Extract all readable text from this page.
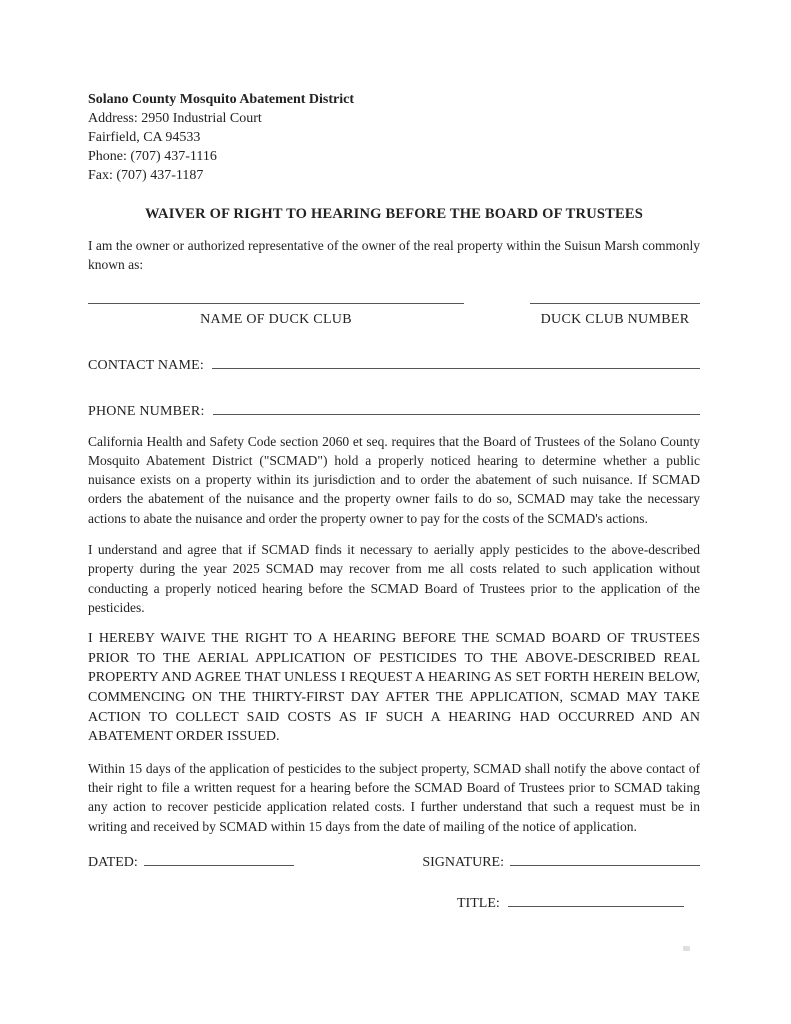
Solano County Mosquito Abatement District
Address: 2950 Industrial Court
Fairfield, CA 94533
Phone: (707) 437-1116
Fax: (707) 437-1187
WAIVER OF RIGHT TO HEARING BEFORE THE BOARD OF TRUSTEES

I am the owner or authorized representative of the owner of the real property within the Suisun Marsh commonly known as:

NAME OF DUCK CLUB	DUCK CLUB NUMBER
CONTACT NAME:
PHONE NUMBER:

California Health and Safety Code section 2060 et seq. requires that the Board of Trustees of the Solano County Mosquito Abatement District ("SCMAD") hold a properly noticed hearing to determine whether a public nuisance exists on a property within its jurisdiction and to order the abatement of such nuisance. If SCMAD orders the abatement of the nuisance and the property owner fails to do so, SCMAD may take the necessary actions to abate the nuisance and order the property owner to pay for the costs of the SCMAD's actions.

I understand and agree that if SCMAD finds it necessary to aerially apply pesticides to the above-described property during the year 2025 SCMAD may recover from me all costs related to such application without conducting a properly noticed hearing before the SCMAD Board of Trustees prior to the application of the pesticides.

I HEREBY WAIVE THE RIGHT TO A HEARING BEFORE THE SCMAD BOARD OF TRUSTEES PRIOR TO THE AERIAL APPLICATION OF PESTICIDES TO THE ABOVE-DESCRIBED REAL PROPERTY AND AGREE THAT UNLESS I REQUEST A HEARING AS SET FORTH HEREIN BELOW, COMMENCING ON THE THIRTY-FIRST DAY AFTER THE APPLICATION, SCMAD MAY TAKE ACTION TO COLLECT SAID COSTS AS IF SUCH A HEARING HAD OCCURRED AND AN ABATEMENT ORDER ISSUED.

Within 15 days of the application of pesticides to the subject property, SCMAD shall notify the above contact of their right to file a written request for a hearing before the SCMAD Board of Trustees prior to SCMAD taking any action to recover pesticide application related costs. I further understand that such a request must be in writing and received by SCMAD within 15 days from the date of mailing of the notice of application.

DATED:	SIGNATURE:
TITLE:
